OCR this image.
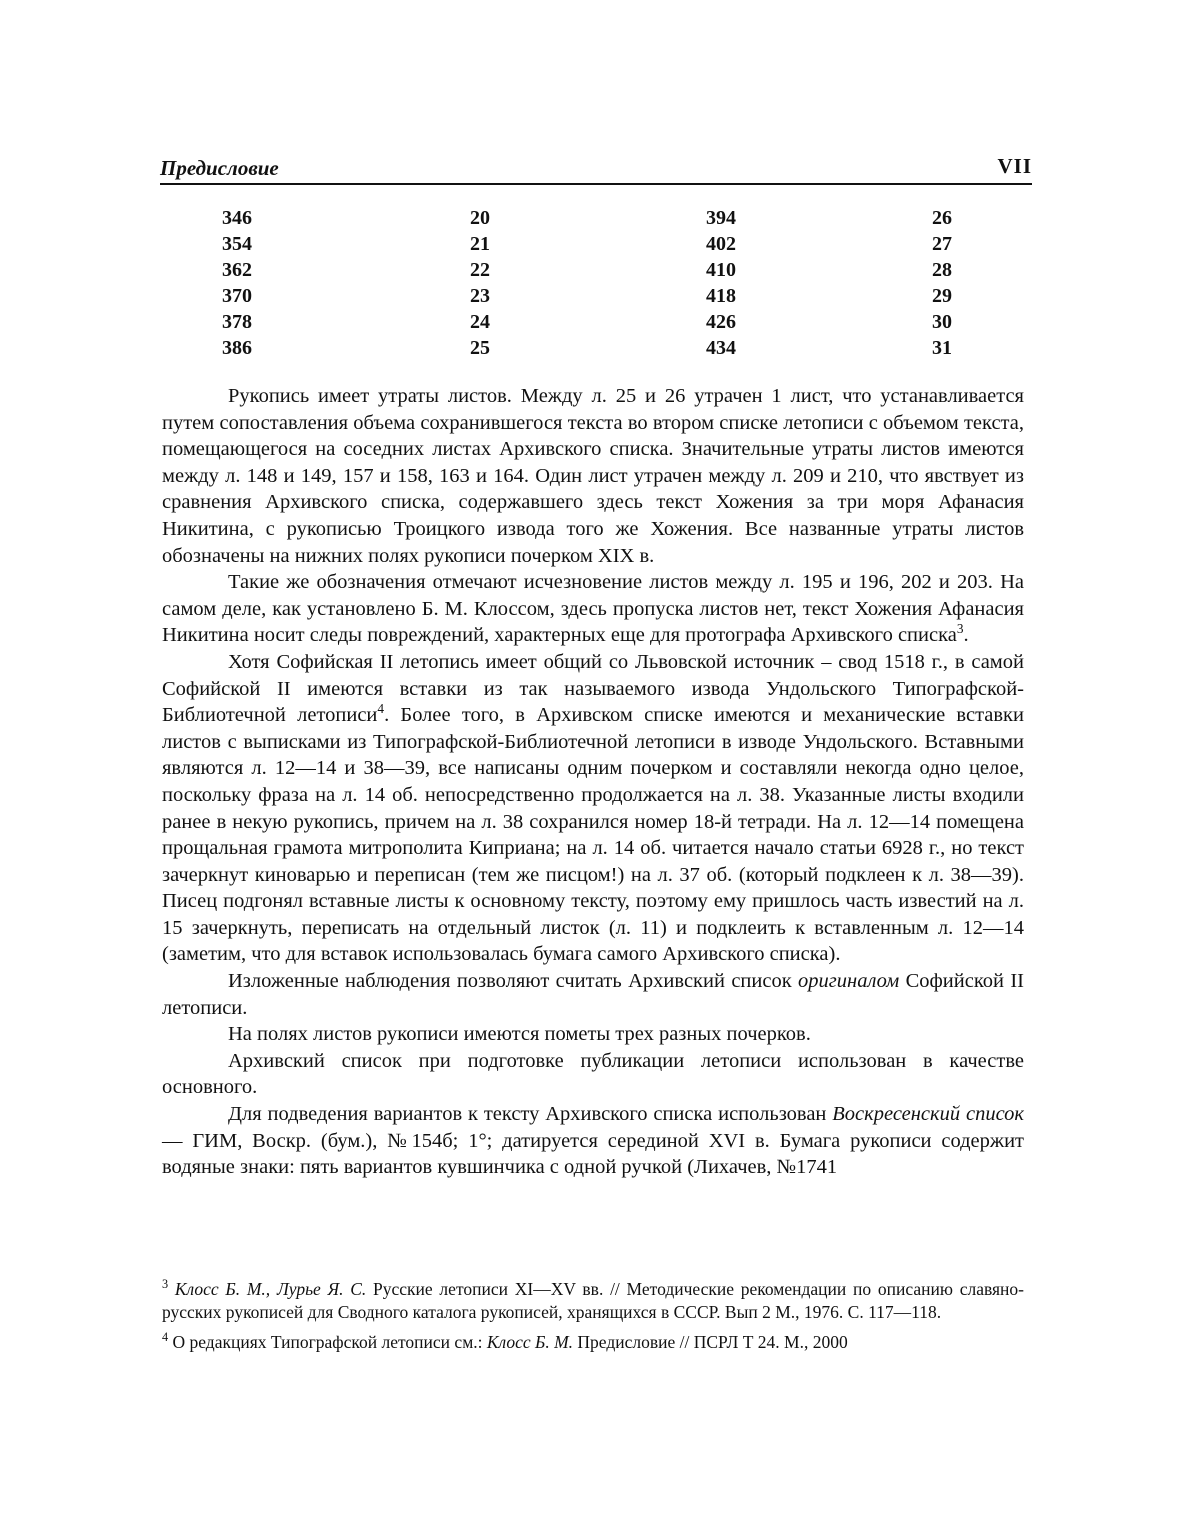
Предисловие	VII
346	20	394	26
354	21	402	27
362	22	410	28
370	23	418	29
378	24	426	30
386	25	434	31

Рукопись имеет утраты листов. Между л. 25 и 26 утрачен 1 лист, что устанавливается путем сопоставления объема сохранившегося текста во втором списке летописи с объемом текста, помещающегося на соседних листах Архивского списка. Значительные утраты листов имеются между л. 148 и 149, 157 и 158, 163 и 164. Один лист утрачен между л. 209 и 210, что явствует из сравнения Архивского списка, содержавшего здесь текст Хожения за три моря Афанасия Никитина, с рукописью Троицкого извода того же Хожения. Все названные утраты листов обозначены на нижних полях рукописи почерком XIX в.

Такие же обозначения отмечают исчезновение листов между л. 195 и 196, 202 и 203. На самом деле, как установлено Б. М. Клоссом, здесь пропуска листов нет, текст Хожения Афанасия Никитина носит следы повреждений, характерных еще для протографа Архивского списка$^3$.

Хотя Софийская II летопись имеет общий со Львовской источник – свод 1518 г., в самой Софийской II имеются вставки из так называемого извода Ундольского Типографской-Библиотечной летописи$^4$. Более того, в Архивском списке имеются и механические вставки листов с выписками из Типографской-Библиотечной летописи в изводе Ундольского. Вставными являются л. 12—14 и 38—39, все написаны одним почерком и составляли некогда одно целое, поскольку фраза на л. 14 об. непосредственно продолжается на л. 38. Указанные листы входили ранее в некую рукопись, причем на л. 38 сохранился номер 18-й тетради. На л. 12—14 помещена прощальная грамота митрополита Киприана; на л. 14 об. читается начало статьи 6928 г., но текст зачеркнут киноварью и переписан (тем же писцом!) на л. 37 об. (который подклеен к л. 38—39). Писец подгонял вставные листы к основному тексту, поэтому ему пришлось часть известий на л. 15 зачеркнуть, переписать на отдельный листок (л. 11) и подклеить к вставленным л. 12—14 (заметим, что для вставок использовалась бумага самого Архивского списка).

Изложенные наблюдения позволяют считать Архивский список оригиналом Софийской II летописи.

На полях листов рукописи имеются пометы трех разных почерков.

Архивский список при подготовке публикации летописи использован в качестве основного.

Для подведения вариантов к тексту Архивского списка использован Воскресенский список — ГИМ, Воскр. (бум.), №154б; 1°; датируется серединой XVI в. Бумага рукописи содержит водяные знаки: пять вариантов кувшинчика с одной ручкой (Лихачев, №1741

$^3$ Клосс Б. М., Лурье Я. С. Русские летописи XI—XV вв. // Методические рекомендации по описанию славяно-русских рукописей для Сводного каталога рукописей, хранящихся в СССР. Вып 2 М., 1976. С. 117—118.

$^4$ О редакциях Типографской летописи см.: Клосс Б. М. Предисловие // ПСРЛ Т 24. М., 2000
